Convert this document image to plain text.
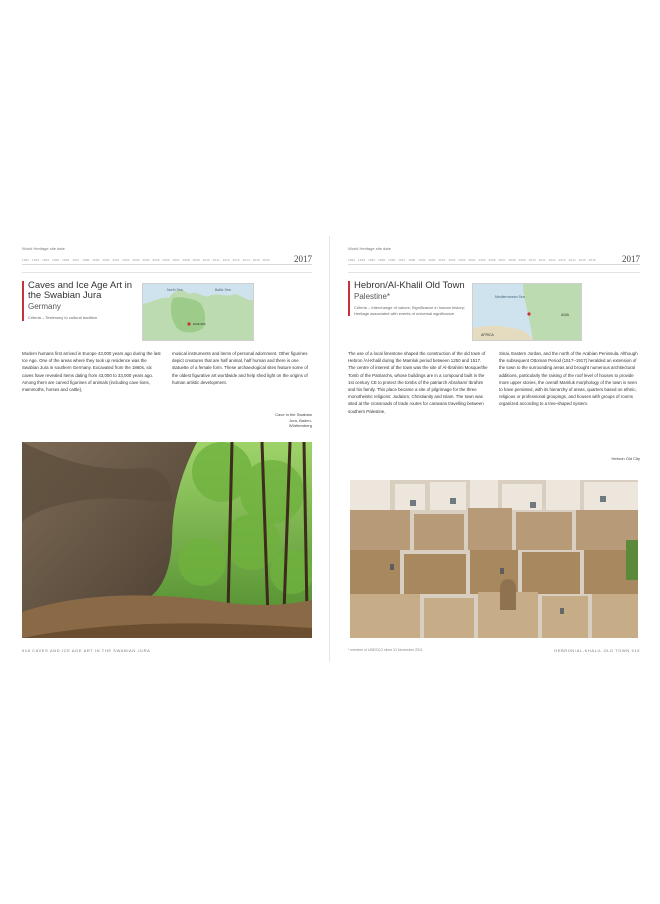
World Heritage site date
1992 · 1993 · 1994 · 1995 · 1996 · 1997 · 1998 · 1999 · 2000 · 2001 · 2002 · 2003 · 2004 · 2005 · 2006 · 2007 · 2008 · 2009 · 2010 · 2011 · 2012 · 2013 · 2014 · 2015 · 2016	2017
Caves and Ice Age Art in the Swabian Jura
Germany
Criteria – Testimony to cultural tradition
North Sea	Baltic Sea
EUROPE
Modern humans first arrived in Europe 43,000 years ago during the last Ice Age. One of the areas where they took up residence was the Swabian Jura in southern Germany. Excavated from the 1860s, six caves have revealed items dating from 43,000 to 33,000 years ago. Among them are carved figurines of animals (including cave lions, mammoths, horses and cattle),
musical instruments and items of personal adornment. Other figurines depict creatures that are half animal, half human and there is one statuette of a female form. These archaeological sites feature some of the oldest figurative art worldwide and help shed light on the origins of human artistic development.
Cave in the Swabian Jura, Baden-Württemberg
918 CAVES AND ICE AGE ART IN THE SWABIAN JURA
World Heritage site date
1992 · 1993 · 1994 · 1995 · 1996 · 1997 · 1998 · 1999 · 2000 · 2001 · 2002 · 2003 · 2004 · 2005 · 2006 · 2007 · 2008 · 2009 · 2010 · 2011 · 2012 · 2013 · 2014 · 2015 · 2016	2017
Hebron/Al-Khalil Old Town
Palestine*
Criteria – Interchange of values; Significance in human history; Heritage associated with events of universal significance
Mediterranean Sea
ASIA
AFRICA
The use of a local limestone shaped the construction of the old town of Hebron /Al-Khalil during the Mamluk period between 1250 and 1517. The centre of interest of the town was the site of Al-Ibrahimi Mosque/the Tomb of the Patriarchs, whose buildings are in a compound built in the 1st century CE to protect the tombs of the patriarch Abraham/ Ibrahim and his family. This place became a site of pilgrimage for the three monotheistic religions: Judaism, Christianity and Islam. The town was sited at the crossroads of trade routes for caravans travelling between southern Palestine,
Sinai, Eastern Jordan, and the north of the Arabian Peninsula. Although the subsequent Ottoman Period (1517–1917) heralded an extension of the town to the surrounding areas and brought numerous architectural additions, particularly the raising of the roof level of houses to provide more upper stories, the overall Mamluk morphology of the town is seen to have persisted, with its hierarchy of areas, quarters based on ethnic, religious or professional groupings, and houses with groups of rooms organized according to a tree-shaped system.
Hebron Old City
* member of UNESCO since 31 November 2011	HEBRON/AL-KHALIL OLD TOWN 919
